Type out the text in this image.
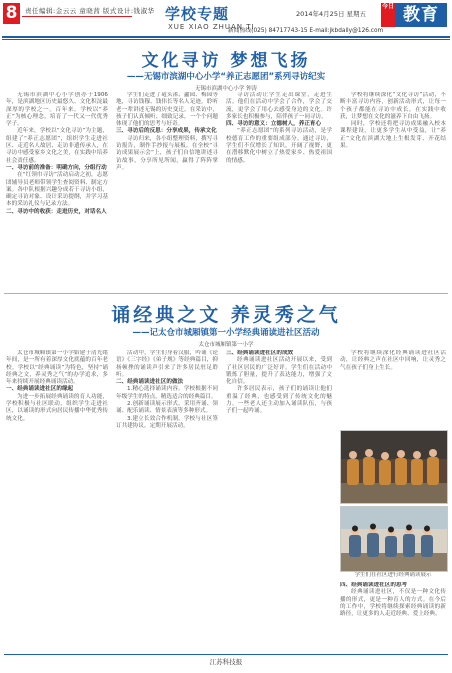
8	责任编辑:金云云 童晓茜 版式设计:钱淑华 学校专题
XUE XIAO ZHUAN TI
2014年4月25日 星期五
新闻热线(025) 84717743-15 E-mail:jkbdaily@126.com
今日 教育
文化寻访 梦想飞扬
——无锡市滨湖中心小学“养正志愿团”系列寻访纪实
无锡市滨湖中心小学 钟涛

无锡市滨湖中心小学创办于1906年，是滨湖地区历史最悠久、文化积淀最深厚的学校之一。百年来，学校以“养正”为核心理念，培育了一代又一代优秀学子。

近年来，学校以“文化寻访”为主题，组建了“养正志愿团”，组织学生走进社区、走近名人故居、走访非遗传承人，在寻访中感受家乡文化之美，在实践中培养社会责任感。

一、寻访前的准备：明确方向，分组行动

在“红领巾寻访”活动启动之初，志愿团辅导员老师带领学生查阅资料、制定方案。各中队根据兴趣分成若干寻访小组，确定寻访对象、设计采访提纲，并学习基本的采访礼仪与记录方法。

二、寻访中的收获：走进历史，对话名人

学生们走进了鼋头渚、蠡园、梅园等地，寻访钱穆、钱伟长等名人足迹，聆听老一辈讲述无锡的历史变迁。在采访中，孩子们认真倾听、细致记录，一个个问题体现了他们的思考与好奇。

三、寻访后的反思：分享成果，传承文化

寻访归来，各小组整理资料，撰写寻访报告，制作手抄报与展板。在全校“寻访成果展示会”上，孩子们自信地讲述寻访故事，分享所见所闻，赢得了阵阵掌声。

寻访活动让学生走出课堂，走进生活。他们在活动中学会了合作，学会了交流，更学会了用心去感受身边的文化。许多家长也积极参与，陪伴孩子一同寻访。

四、寻访的意义：立德树人，养正育心

“养正志愿团”的系列寻访活动，是学校德育工作的重要组成部分。通过寻访，学生们不仅增长了知识，开阔了视野，更在潜移默化中树立了热爱家乡、热爱祖国的情感。

学校将继续深化“文化寻访”活动，不断丰富寻访内容，创新活动形式，让每一个孩子都能在寻访中成长，在实践中收获，让梦想在文化的滋养下自由飞扬。

同时，学校还将把寻访成果融入校本课程建设，让更多学生从中受益，让“养正”文化在滨湖大地上生根发芽、开花结果。

诵经典之文 养灵秀之气
——记太仓市城厢镇第一小学经典诵读进社区活动
太仓市城厢镇第一小学

太仓市城厢镇第一小学始建于清光绪年间，是一所有着深厚文化底蕴的百年老校。学校以“经典诵读”为特色，坚持“诵经典之文，养灵秀之气”的办学追求，多年来持续开展经典诵读活动。

一、经典诵读进社区的缘起

为进一步拓展经典诵读的育人功能，学校积极与社区联动，组织学生走进社区，以诵读的形式向居民传播中华优秀传统文化。

活动中，学生们身着汉服，吟诵《论语》《三字经》《弟子规》等经典篇目，抑扬顿挫的诵读声引来了许多居民驻足聆听。

二、经典诵读进社区的做法

1.精心选择诵读内容。学校根据不同年级学生的特点，精选适合的经典篇目。

2.创新诵读展示形式。采用齐诵、领诵、配乐诵读、情景表演等多种形式。

3.建立长效合作机制。学校与社区签订共建协议，定期开展活动。

三、经典诵读进社区的成效

经典诵读进社区活动开展以来，受到了社区居民的广泛好评。学生们在活动中锻炼了胆量，提升了表达能力，增强了文化自信。

许多居民表示，孩子们的诵读让他们重温了经典，也感受到了传统文化的魅力。一些老人还主动加入诵读队伍，与孩子们一起吟诵。

学校将继续深化经典诵读进社区活动，让经典之声在社区中回响，让灵秀之气在孩子们身上生长。

学生们在社区进行经典诵读展示

四、经典诵读进社区的思考

经典诵读进社区，不仅是一种文化传播的形式，更是一种育人的方式。在今后的工作中，学校将继续探索经典诵读的新路径，让更多的人走近经典、爱上经典。

江苏科技报
